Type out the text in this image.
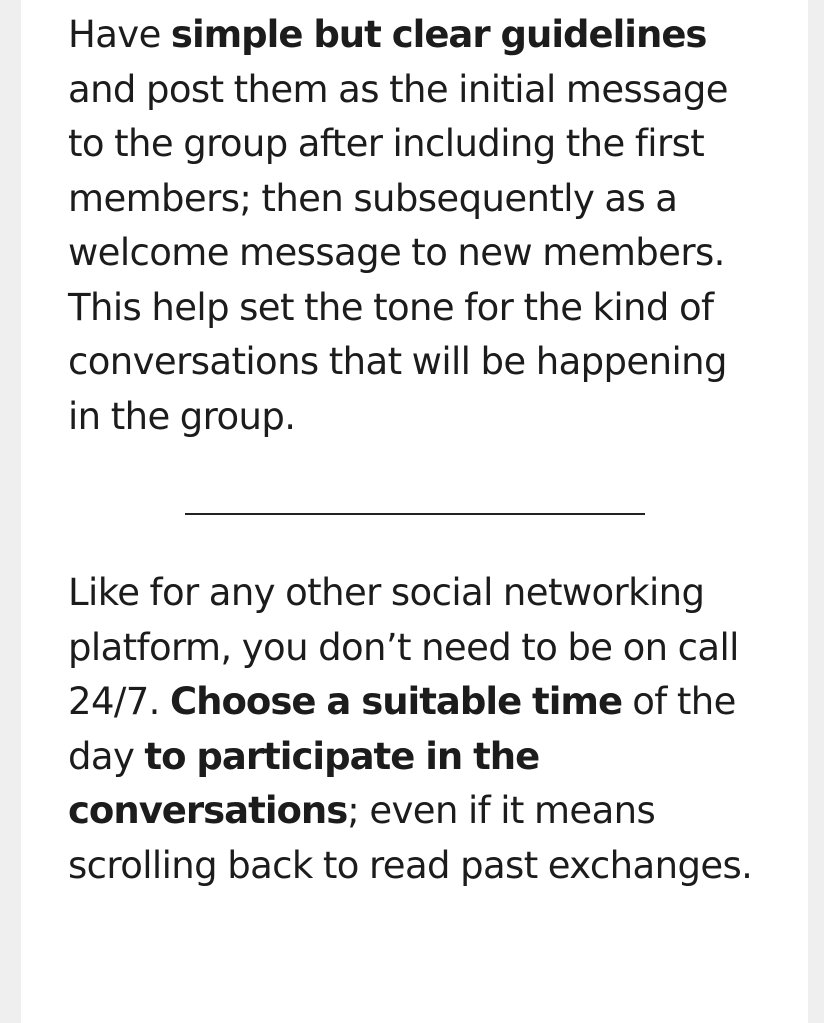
Have simple but clear guidelines and post them as the initial message to the group after including the first members; then subsequently as a welcome message to new members. This help set the tone for the kind of conversations that will be happening in the group.

Like for any other social networking platform, you don’t need to be on call 24/7. Choose a suitable time of the day to participate in the conversations; even if it means scrolling back to read past exchanges.
